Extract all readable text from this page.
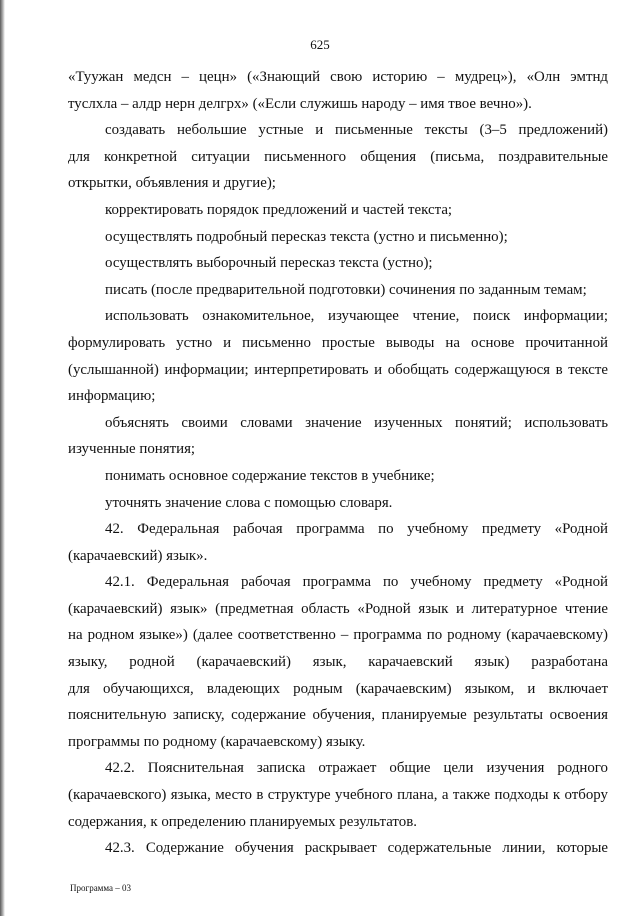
625
«Туужан медсн – цецн» («Знающий свою историю – мудрец»), «Олн эмтнд
туслхла – алдр нерн делгрх» («Если служишь народу – имя твое вечно»).
создавать небольшие устные и письменные тексты (3–5 предложений)
для конкретной ситуации письменного общения (письма, поздравительные
открытки, объявления и другие);
корректировать порядок предложений и частей текста;
осуществлять подробный пересказ текста (устно и письменно);
осуществлять выборочный пересказ текста (устно);
писать (после предварительной подготовки) сочинения по заданным темам;
использовать ознакомительное, изучающее чтение, поиск информации;
формулировать устно и письменно простые выводы на основе прочитанной
(услышанной) информации; интерпретировать и обобщать содержащуюся в тексте
информацию;
объяснять своими словами значение изученных понятий; использовать
изученные понятия;
понимать основное содержание текстов в учебнике;
уточнять значение слова с помощью словаря.
42. Федеральная рабочая программа по учебному предмету «Родной
(карачаевский) язык».
42.1. Федеральная рабочая программа по учебному предмету «Родной
(карачаевский) язык» (предметная область «Родной язык и литературное чтение
на родном языке») (далее соответственно – программа по родному (карачаевскому)
языку, родной (карачаевский) язык, карачаевский язык) разработана
для обучающихся, владеющих родным (карачаевским) языком, и включает
пояснительную записку, содержание обучения, планируемые результаты освоения
программы по родному (карачаевскому) языку.
42.2. Пояснительная записка отражает общие цели изучения родного
(карачаевского) языка, место в структуре учебного плана, а также подходы к отбору
содержания, к определению планируемых результатов.
42.3. Содержание обучения раскрывает содержательные линии, которые
Программа – 03
